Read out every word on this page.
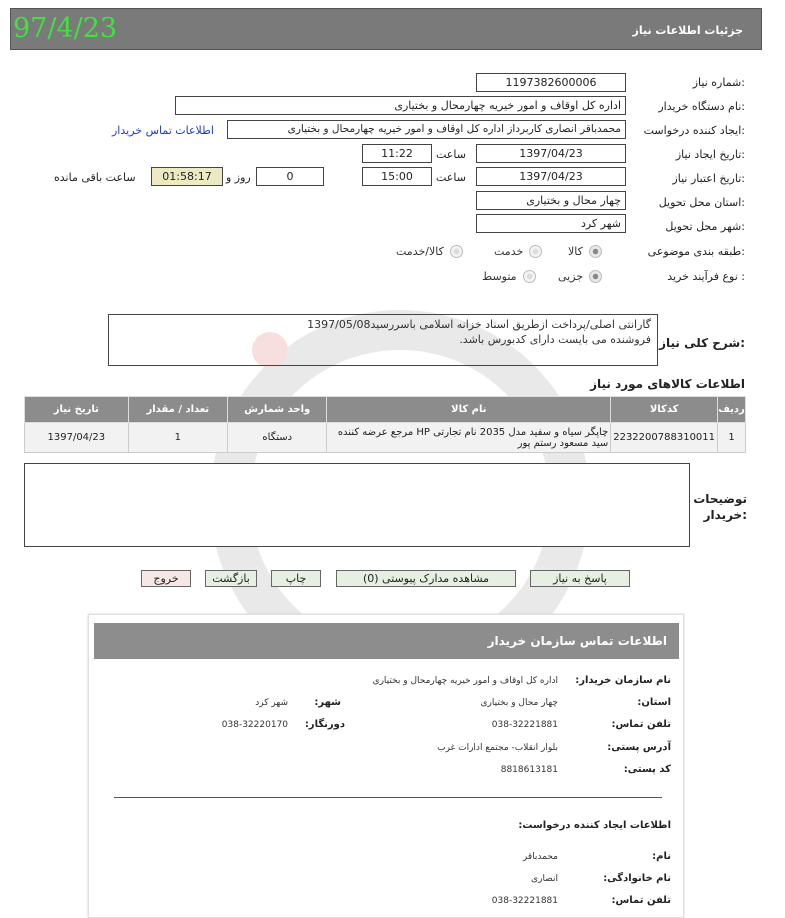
97/4/23	جزئیات اطلاعات نیاز
شماره نیاز:
1197382600006
نام دستگاه خریدار:
اداره کل اوقاف و امور خیریه چهارمحال و بختیاری
ایجاد کننده درخواست:
محمدباقر انصاری کاربرداز اداره کل اوقاف و امور خیریه چهارمحال و بختیاری
اطلاعات تماس خریدار
تاریخ ایجاد نیاز:
1397/04/23
ساعت
11:22
تاریخ اعتبار نیاز:
1397/04/23
ساعت
15:00
0
روز و
01:58:17
ساعت باقی مانده
استان محل تحویل:
چهار محال و بختیاری
شهر محل تحویل:
شهر کرد
طبقه بندی موضوعی:
کالا
خدمت
کالا/خدمت
نوع فرآیند خرید :
جزیی
متوسط
شرح کلی نیاز:
گارانتی اصلی/پرداخت ازطریق اسناد خزانه اسلامی باسررسید1397/05/08
فروشنده می بایست دارای کدبورس باشد.
اطلاعات کالاهای مورد نیاز
ردیف	کدکالا	نام کالا	واحد شمارش	تعداد / مقدار	تاریخ نیاز
1	2232200788310011	چاپگر سیاه و سفید مدل 2035 نام تجارتی HP مرجع عرضه کننده سید مسعود رستم پور	دستگاه	1	1397/04/23
توضیحات
خریدار:
پاسخ به نیاز
مشاهده مدارک پیوستی (0)
چاپ
بازگشت
خروج
اطلاعات تماس سازمان خریدار
نام سازمان خریدار:
اداره کل اوقاف و امور خیریه چهارمحال و بختیاری
استان:
چهار محال و بختیاری
شهر:
شهر کرد
تلفن تماس:
038-32221881
دورنگار:
038-32220170
آدرس پستی:
بلوار انقلاب- مجتمع ادارات غرب
کد پستی:
8818613181
اطلاعات ایجاد کننده درخواست:
نام:
محمدباقر
نام خانوادگی:
انصاری
تلفن تماس:
038-32221881
